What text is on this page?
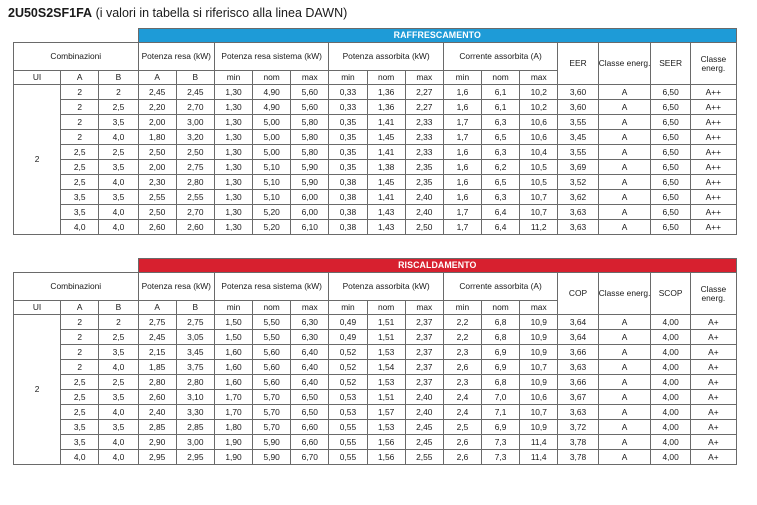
2U50S2SF1FA (i valori in tabella si riferisco alla linea DAWN)
			RAFFRESCAMENTO														
Combinazioni			Potenza resa (kW)		Potenza resa sistema (kW)			Potenza assorbita (kW)			Corrente assorbita (A)			EER	Classe energ.	SEER	Classe energ.
UI	A	B	A	B	min	nom	max	min	nom	max	min	nom	max				
2	2	2	2,45	2,45	1,30	4,90	5,60	0,33	1,36	2,27	1,6	6,1	10,2	3,60	A	6,50	A++
	2	2,5	2,20	2,70	1,30	4,90	5,60	0,33	1,36	2,27	1,6	6,1	10,2	3,60	A	6,50	A++
	2	3,5	2,00	3,00	1,30	5,00	5,80	0,35	1,41	2,33	1,7	6,3	10,6	3,55	A	6,50	A++
	2	4,0	1,80	3,20	1,30	5,00	5,80	0,35	1,45	2,33	1,7	6,5	10,6	3,45	A	6,50	A++
	2,5	2,5	2,50	2,50	1,30	5,00	5,80	0,35	1,41	2,33	1,6	6,3	10,4	3,55	A	6,50	A++
	2,5	3,5	2,00	2,75	1,30	5,10	5,90	0,35	1,38	2,35	1,6	6,2	10,5	3,69	A	6,50	A++
	2,5	4,0	2,30	2,80	1,30	5,10	5,90	0,38	1,45	2,35	1,6	6,5	10,5	3,52	A	6,50	A++
	3,5	3,5	2,55	2,55	1,30	5,10	6,00	0,38	1,41	2,40	1,6	6,3	10,7	3,62	A	6,50	A++
	3,5	4,0	2,50	2,70	1,30	5,20	6,00	0,38	1,43	2,40	1,7	6,4	10,7	3,63	A	6,50	A++
	4,0	4,0	2,60	2,60	1,30	5,20	6,10	0,38	1,43	2,50	1,7	6,4	11,2	3,63	A	6,50	A++
			RISCALDAMENTO														
Combinazioni			Potenza resa (kW)		Potenza resa sistema (kW)			Potenza assorbita (kW)			Corrente assorbita (A)			COP	Classe energ.	SCOP	Classe energ.
UI	A	B	A	B	min	nom	max	min	nom	max	min	nom	max				
2	2	2	2,75	2,75	1,50	5,50	6,30	0,49	1,51	2,37	2,2	6,8	10,9	3,64	A	4,00	A+
	2	2,5	2,45	3,05	1,50	5,50	6,30	0,49	1,51	2,37	2,2	6,8	10,9	3,64	A	4,00	A+
	2	3,5	2,15	3,45	1,60	5,60	6,40	0,52	1,53	2,37	2,3	6,9	10,9	3,66	A	4,00	A+
	2	4,0	1,85	3,75	1,60	5,60	6,40	0,52	1,54	2,37	2,6	6,9	10,7	3,63	A	4,00	A+
	2,5	2,5	2,80	2,80	1,60	5,60	6,40	0,52	1,53	2,37	2,3	6,8	10,9	3,66	A	4,00	A+
	2,5	3,5	2,60	3,10	1,70	5,70	6,50	0,53	1,51	2,40	2,4	7,0	10,6	3,67	A	4,00	A+
	2,5	4,0	2,40	3,30	1,70	5,70	6,50	0,53	1,57	2,40	2,4	7,1	10,7	3,63	A	4,00	A+
	3,5	3,5	2,85	2,85	1,80	5,70	6,60	0,55	1,53	2,45	2,5	6,9	10,9	3,72	A	4,00	A+
	3,5	4,0	2,90	3,00	1,90	5,90	6,60	0,55	1,56	2,45	2,6	7,3	11,4	3,78	A	4,00	A+
	4,0	4,0	2,95	2,95	1,90	5,90	6,70	0,55	1,56	2,55	2,6	7,3	11,4	3,78	A	4,00	A+
